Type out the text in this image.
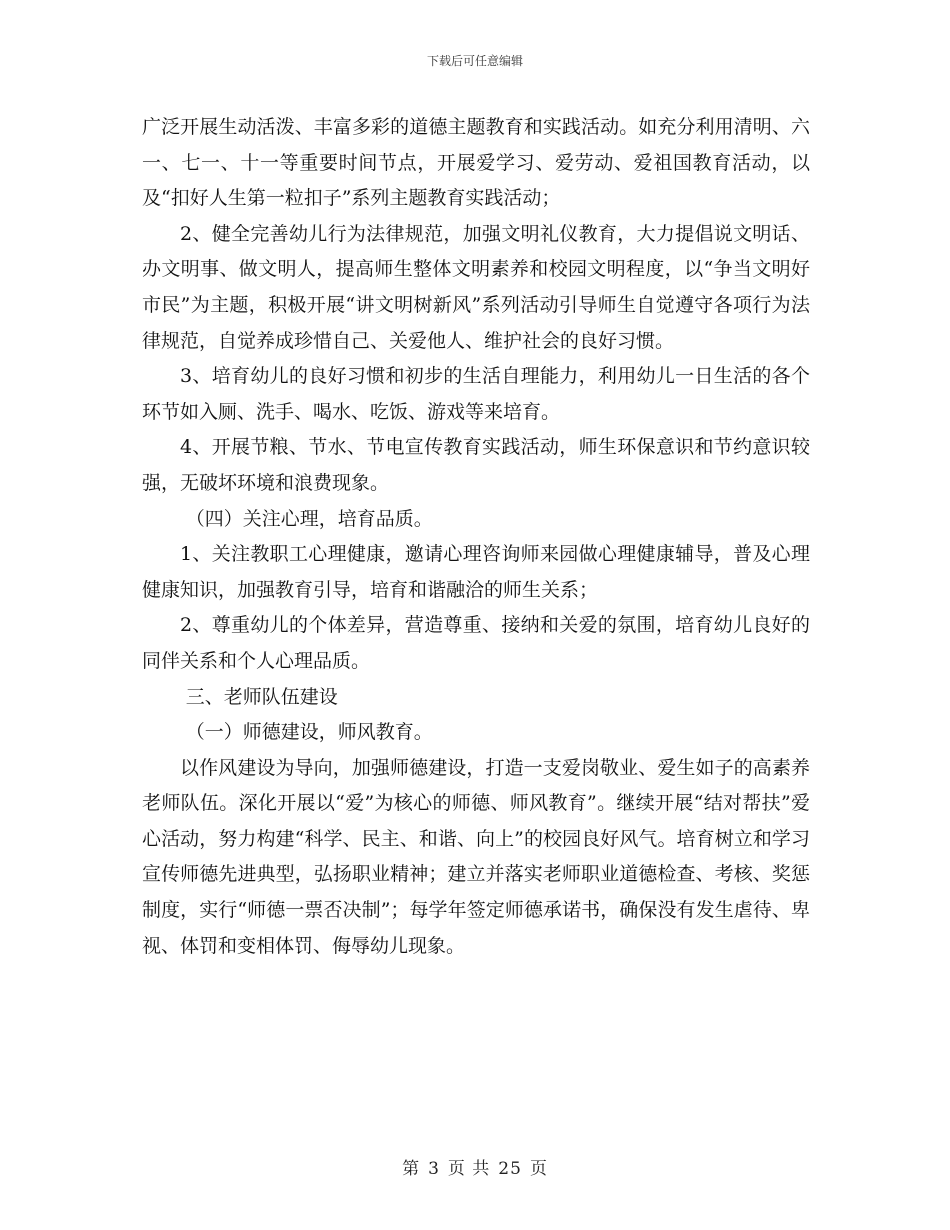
下载后可任意编辑

广泛开展生动活泼、丰富多彩的道德主题教育和实践活动。如充分利用清明、六一、七一、十一等重要时间节点，开展爱学习、爱劳动、爱祖国教育活动，以及“扣好人生第一粒扣子”系列主题教育实践活动；

2、健全完善幼儿行为法律规范，加强文明礼仪教育，大力提倡说文明话、办文明事、做文明人，提高师生整体文明素养和校园文明程度，以“争当文明好市民”为主题，积极开展“讲文明树新风”系列活动引导师生自觉遵守各项行为法律规范，自觉养成珍惜自己、关爱他人、维护社会的良好习惯。

3、培育幼儿的良好习惯和初步的生活自理能力，利用幼儿一日生活的各个环节如入厕、洗手、喝水、吃饭、游戏等来培育。

4、开展节粮、节水、节电宣传教育实践活动，师生环保意识和节约意识较强，无破坏环境和浪费现象。

（四）关注心理，培育品质。

1、关注教职工心理健康，邀请心理咨询师来园做心理健康辅导，普及心理健康知识，加强教育引导，培育和谐融洽的师生关系；

2、尊重幼儿的个体差异，营造尊重、接纳和关爱的氛围，培育幼儿良好的同伴关系和个人心理品质。

三、老师队伍建设

（一）师德建设，师风教育。

以作风建设为导向，加强师德建设，打造一支爱岗敬业、爱生如子的高素养老师队伍。深化开展以“爱”为核心的师德、师风教育”。继续开展“结对帮扶”爱心活动，努力构建“科学、民主、和谐、向上”的校园良好风气。培育树立和学习宣传师德先进典型，弘扬职业精神；建立并落实老师职业道德检查、考核、奖惩制度，实行“师德一票否决制”；每学年签定师德承诺书，确保没有发生虐待、卑视、体罚和变相体罚、侮辱幼儿现象。

第 3 页 共 25 页
